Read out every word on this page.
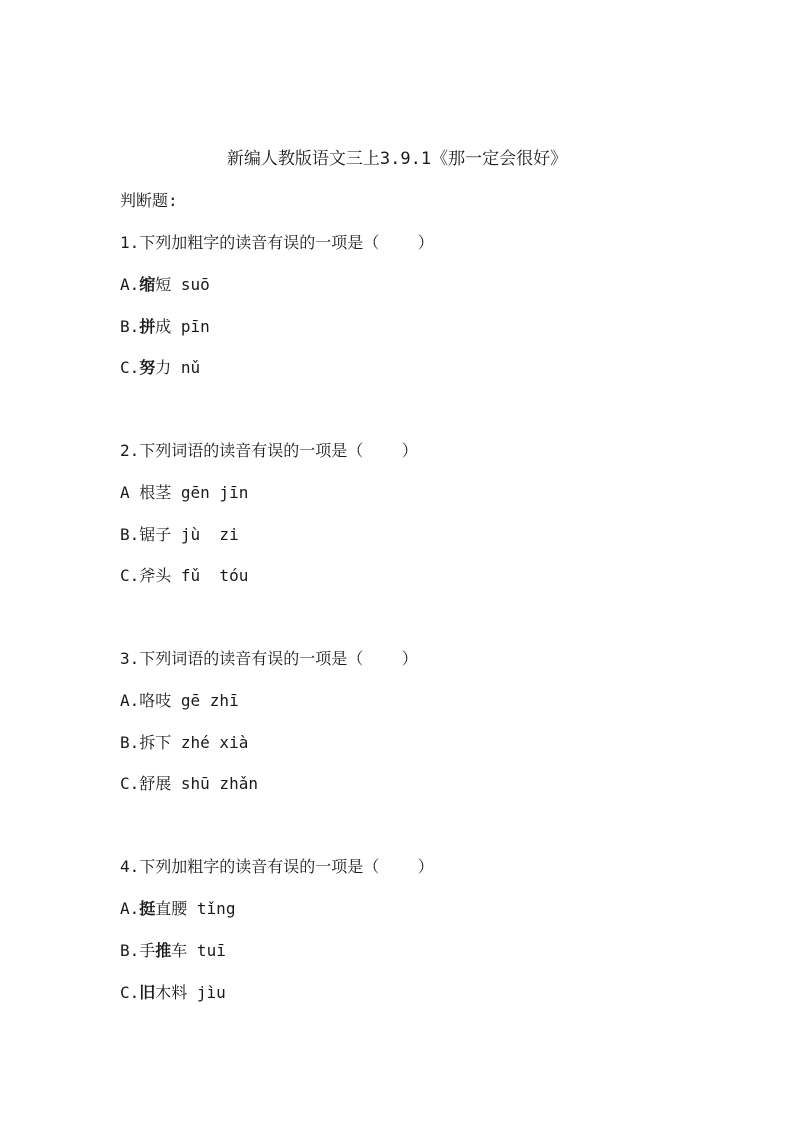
新编人教版语文三上3.9.1《那一定会很好》
判断题:
1.下列加粗字的读音有误的一项是（    ）
A.缩短 suō
B.拼成 pīn
C.努力 nǔ
2.下列词语的读音有误的一项是（    ）
A 根茎 gēn jīn
B.锯子 jù  zi
C.斧头 fǔ  tóu
3.下列词语的读音有误的一项是（    ）
A.咯吱 gē zhī
B.拆下 zhé xià
C.舒展 shū zhǎn
4.下列加粗字的读音有误的一项是（    ）
A.挺直腰 tǐng
B.手推车 tuī
C.旧木料 jìu
